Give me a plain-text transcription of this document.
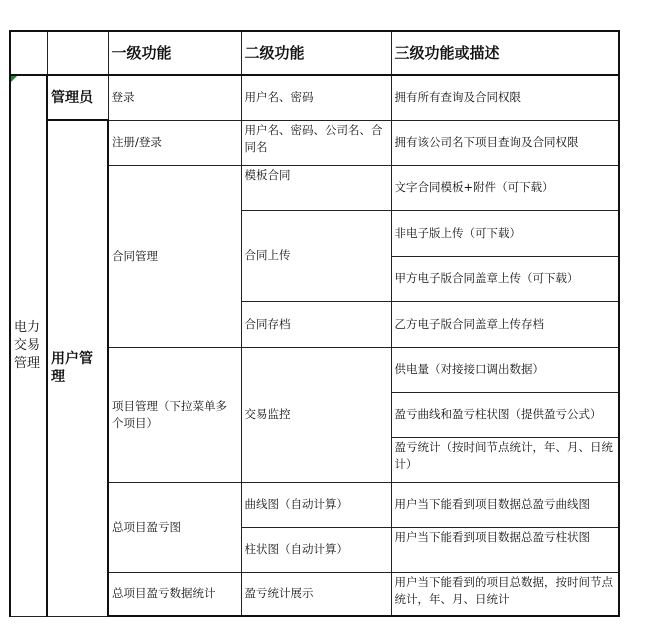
		一级功能	二级功能	三级功能或描述

电力交易管理	管理员	登录	用户名、密码	拥有所有查询及合同权限
	用户管理	注册/登录	用户名、密码、公司名、合同名	拥有该公司名下项目查询及合同权限
		合同管理	模板合同	文字合同模板+附件（可下载）
			合同上传	非电子版上传（可下载）
				甲方电子版合同盖章上传（可下载）
			合同存档	乙方电子版合同盖章上传存档
		项目管理（下拉菜单多个项目）	交易监控	供电量（对接接口调出数据）
				盈亏曲线和盈亏柱状图（提供盈亏公式）
				盈亏统计（按时间节点统计，年、月、日统计）
		总项目盈亏图	曲线图（自动计算）	用户当下能看到项目数据总盈亏曲线图
			柱状图（自动计算）	用户当下能看到项目数据总盈亏柱状图
		总项目盈亏数据统计	盈亏统计展示	用户当下能看到的项目总数据，按时间节点统计，年、月、日统计
